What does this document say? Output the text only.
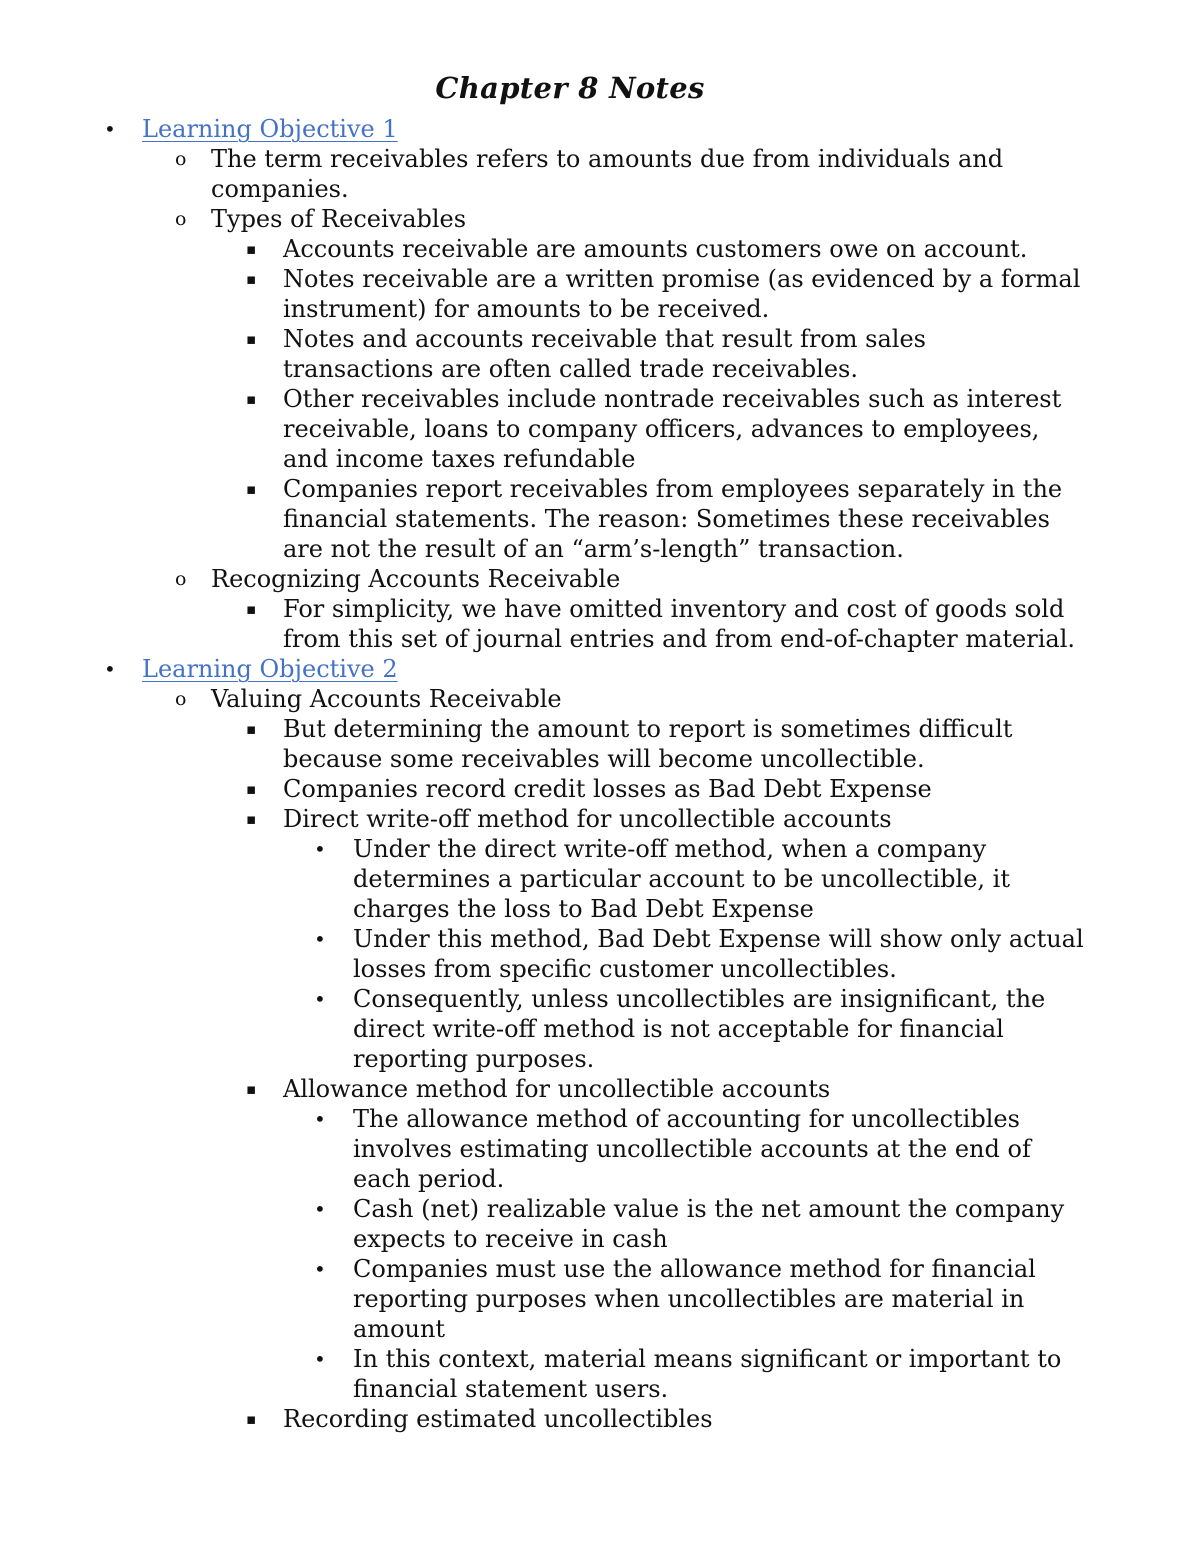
Chapter 8 Notes
• Learning Objective 1
o The term receivables refers to amounts due from individuals and
companies.
o Types of Receivables
▪ Accounts receivable are amounts customers owe on account.
▪ Notes receivable are a written promise (as evidenced by a formal
instrument) for amounts to be received.
▪ Notes and accounts receivable that result from sales
transactions are often called trade receivables.
▪ Other receivables include nontrade receivables such as interest
receivable, loans to company officers, advances to employees,
and income taxes refundable
▪ Companies report receivables from employees separately in the
financial statements. The reason: Sometimes these receivables
are not the result of an “arm’s-length” transaction.
o Recognizing Accounts Receivable
▪ For simplicity, we have omitted inventory and cost of goods sold
from this set of journal entries and from end-of-chapter material.
• Learning Objective 2
o Valuing Accounts Receivable
▪ But determining the amount to report is sometimes difficult
because some receivables will become uncollectible.
▪ Companies record credit losses as Bad Debt Expense
▪ Direct write-off method for uncollectible accounts
• Under the direct write-off method, when a company
determines a particular account to be uncollectible, it
charges the loss to Bad Debt Expense
• Under this method, Bad Debt Expense will show only actual
losses from specific customer uncollectibles.
• Consequently, unless uncollectibles are insignificant, the
direct write-off method is not acceptable for financial
reporting purposes.
▪ Allowance method for uncollectible accounts
• The allowance method of accounting for uncollectibles
involves estimating uncollectible accounts at the end of
each period.
• Cash (net) realizable value is the net amount the company
expects to receive in cash
• Companies must use the allowance method for financial
reporting purposes when uncollectibles are material in
amount
• In this context, material means significant or important to
financial statement users.
▪ Recording estimated uncollectibles
